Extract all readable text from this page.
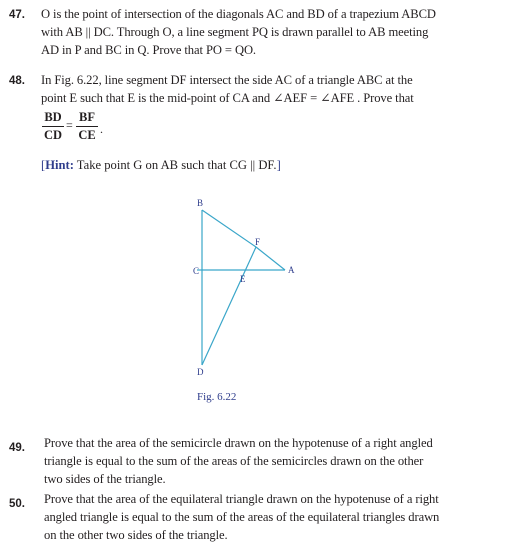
47. O is the point of intersection of the diagonals AC and BD of a trapezium ABCD
with AB || DC. Through O, a line segment PQ is drawn parallel to AB meeting
AD in P and BC in Q. Prove that PO = QO.
48. In Fig. 6.22, line segment DF intersect the side AC of a triangle ABC at the
point E such that E is the mid-point of CA and ∠AEF = ∠AFE . Prove that
BD
CD
=
BF
CE .
[Hint: Take point G on AB such that CG || DF.]
B
F
C
E
A
D
Fig. 6.22
49. Prove that the area of the semicircle drawn on the hypotenuse of a right angled
triangle is equal to the sum of the areas of the semicircles drawn on the other
two sides of the triangle.
50. Prove that the area of the equilateral triangle drawn on the hypotenuse of a right
angled triangle is equal to the sum of the areas of the equilateral triangles drawn
on the other two sides of the triangle.
